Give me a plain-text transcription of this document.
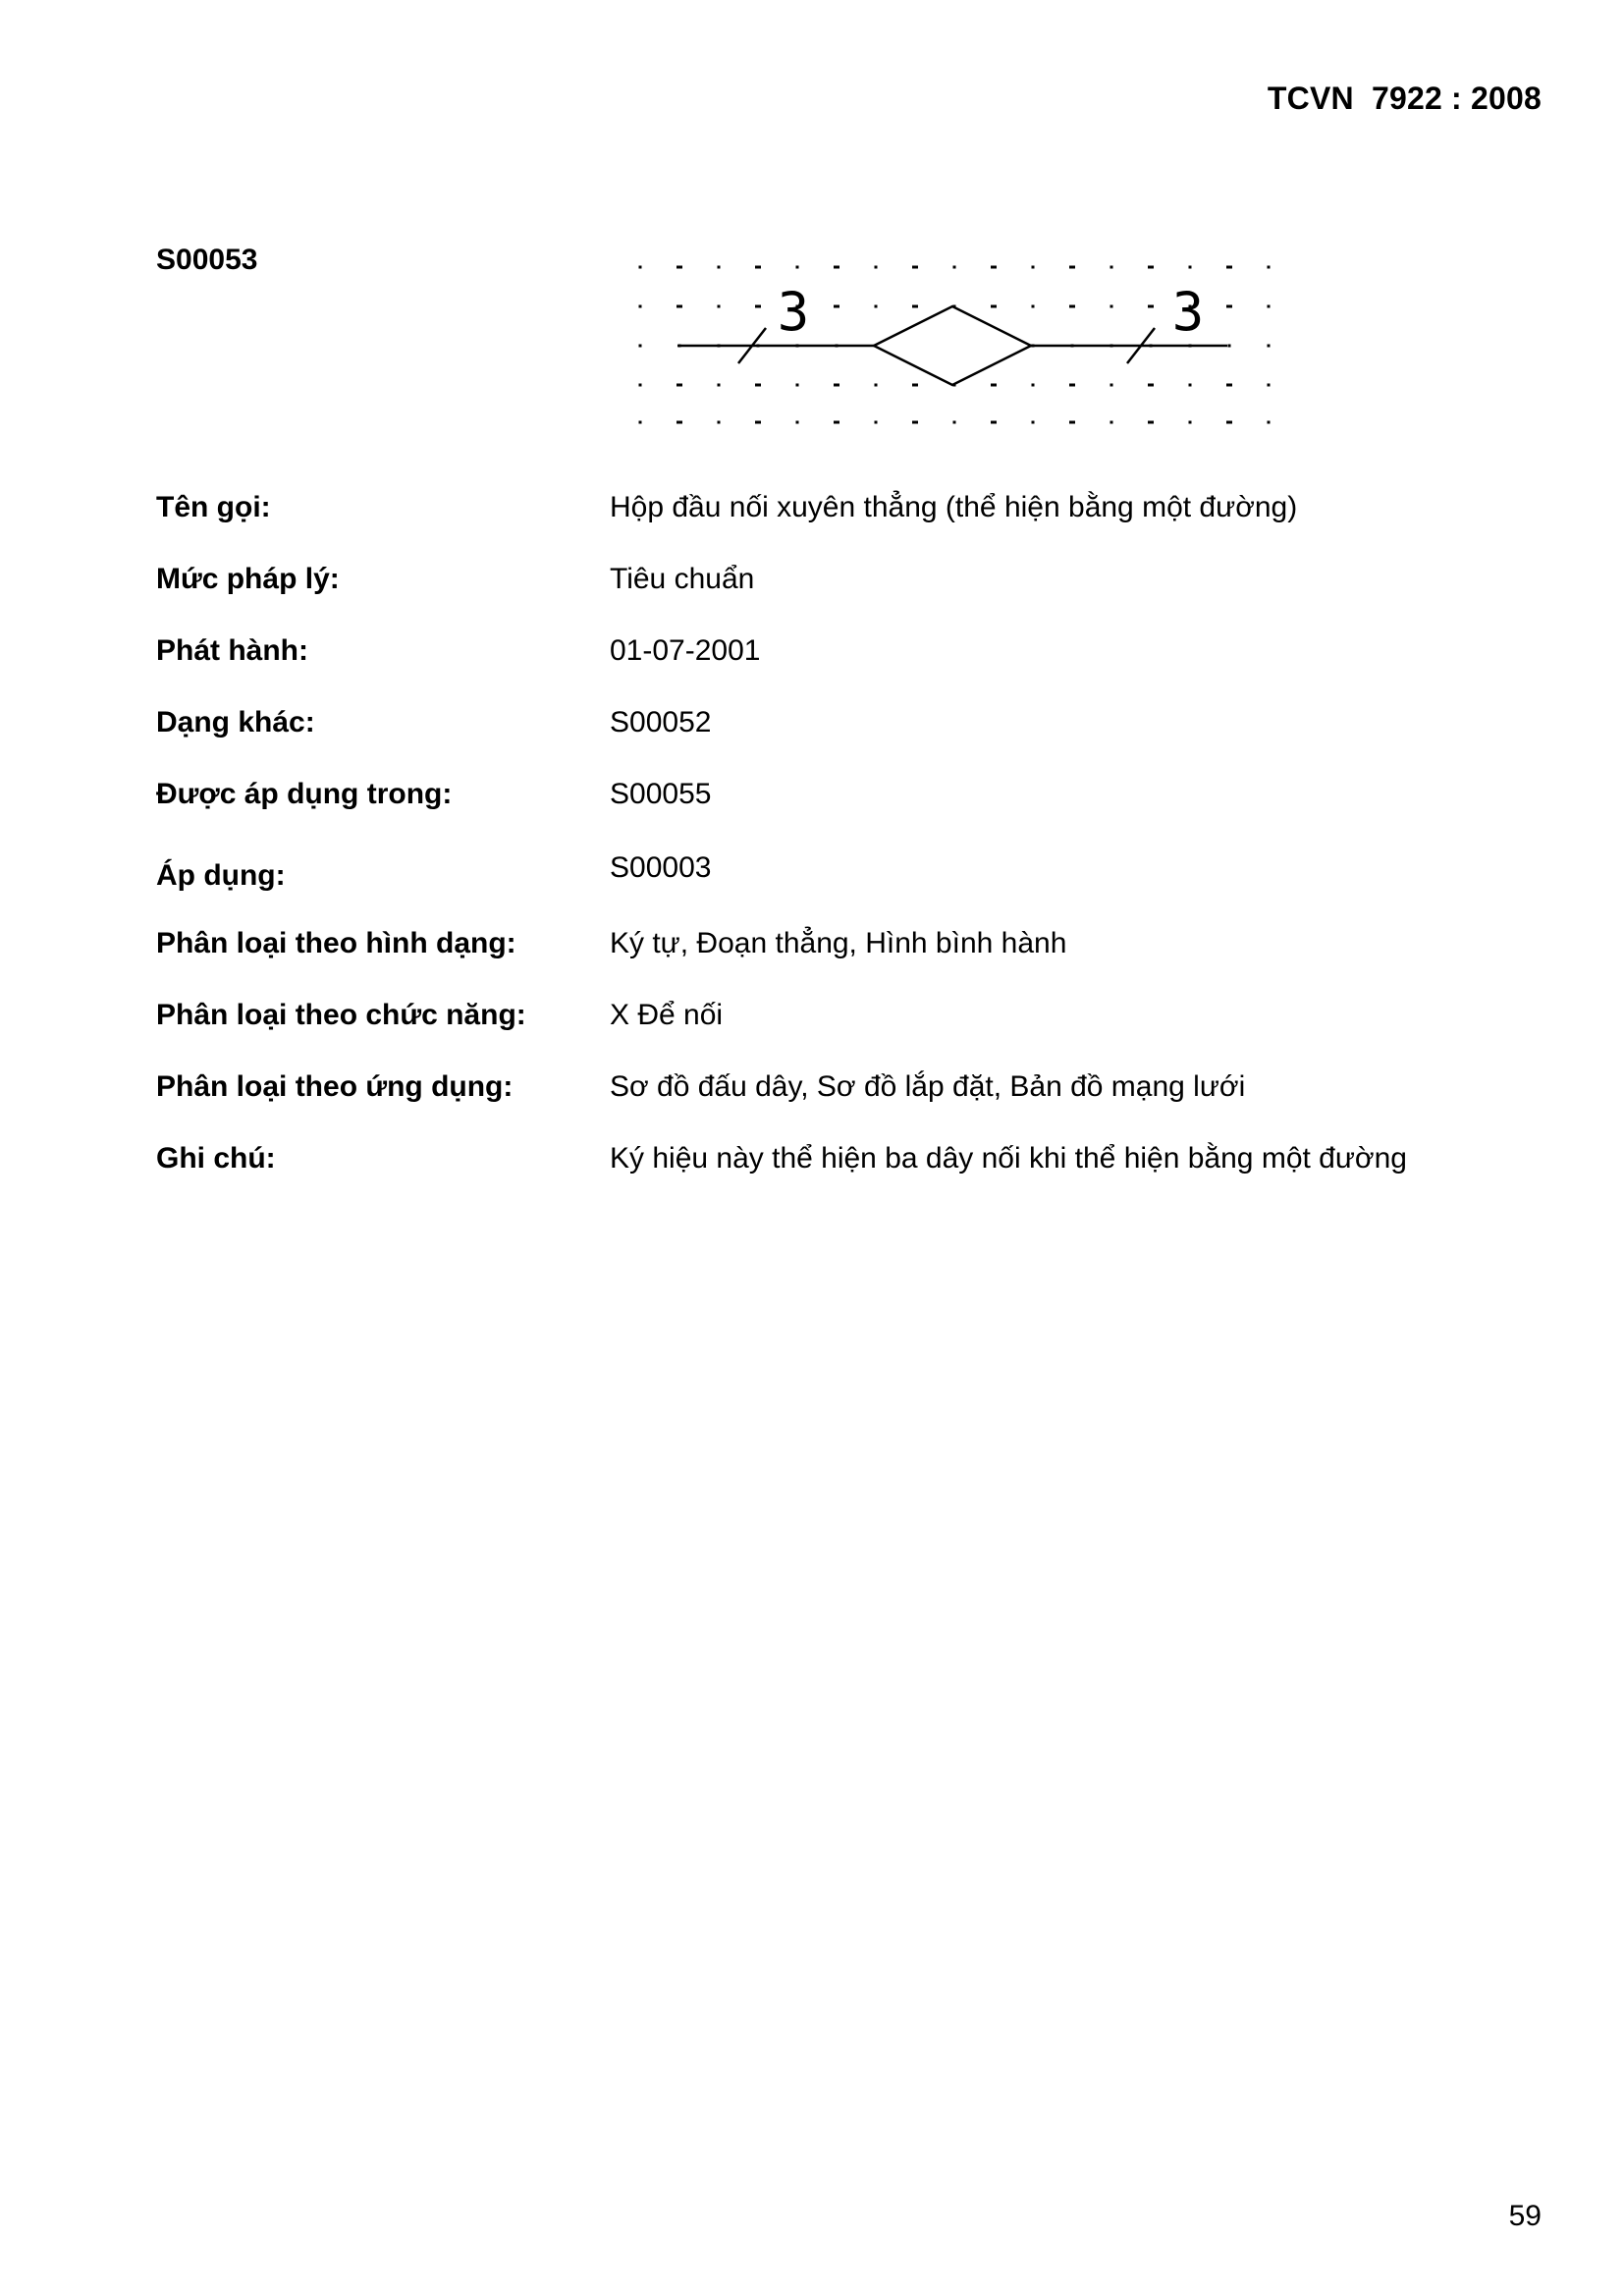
TCVN  7922 : 2008
S00053
3	3
Tên gọi:	Hộp đầu nối xuyên thẳng (thể hiện bằng một đường)
Mức pháp lý:	Tiêu chuẩn
Phát hành:	01-07-2001
Dạng khác:	S00052
Được áp dụng trong:	S00055
Áp dụng:	S00003
Phân loại theo hình dạng:	Ký tự, Đoạn thẳng, Hình bình hành
Phân loại theo chức năng:	X Để nối
Phân loại theo ứng dụng:	Sơ đồ đấu dây, Sơ đồ lắp đặt, Bản đồ mạng lưới
Ghi chú:	Ký hiệu này thể hiện ba dây nối khi thể hiện bằng một đường
59
